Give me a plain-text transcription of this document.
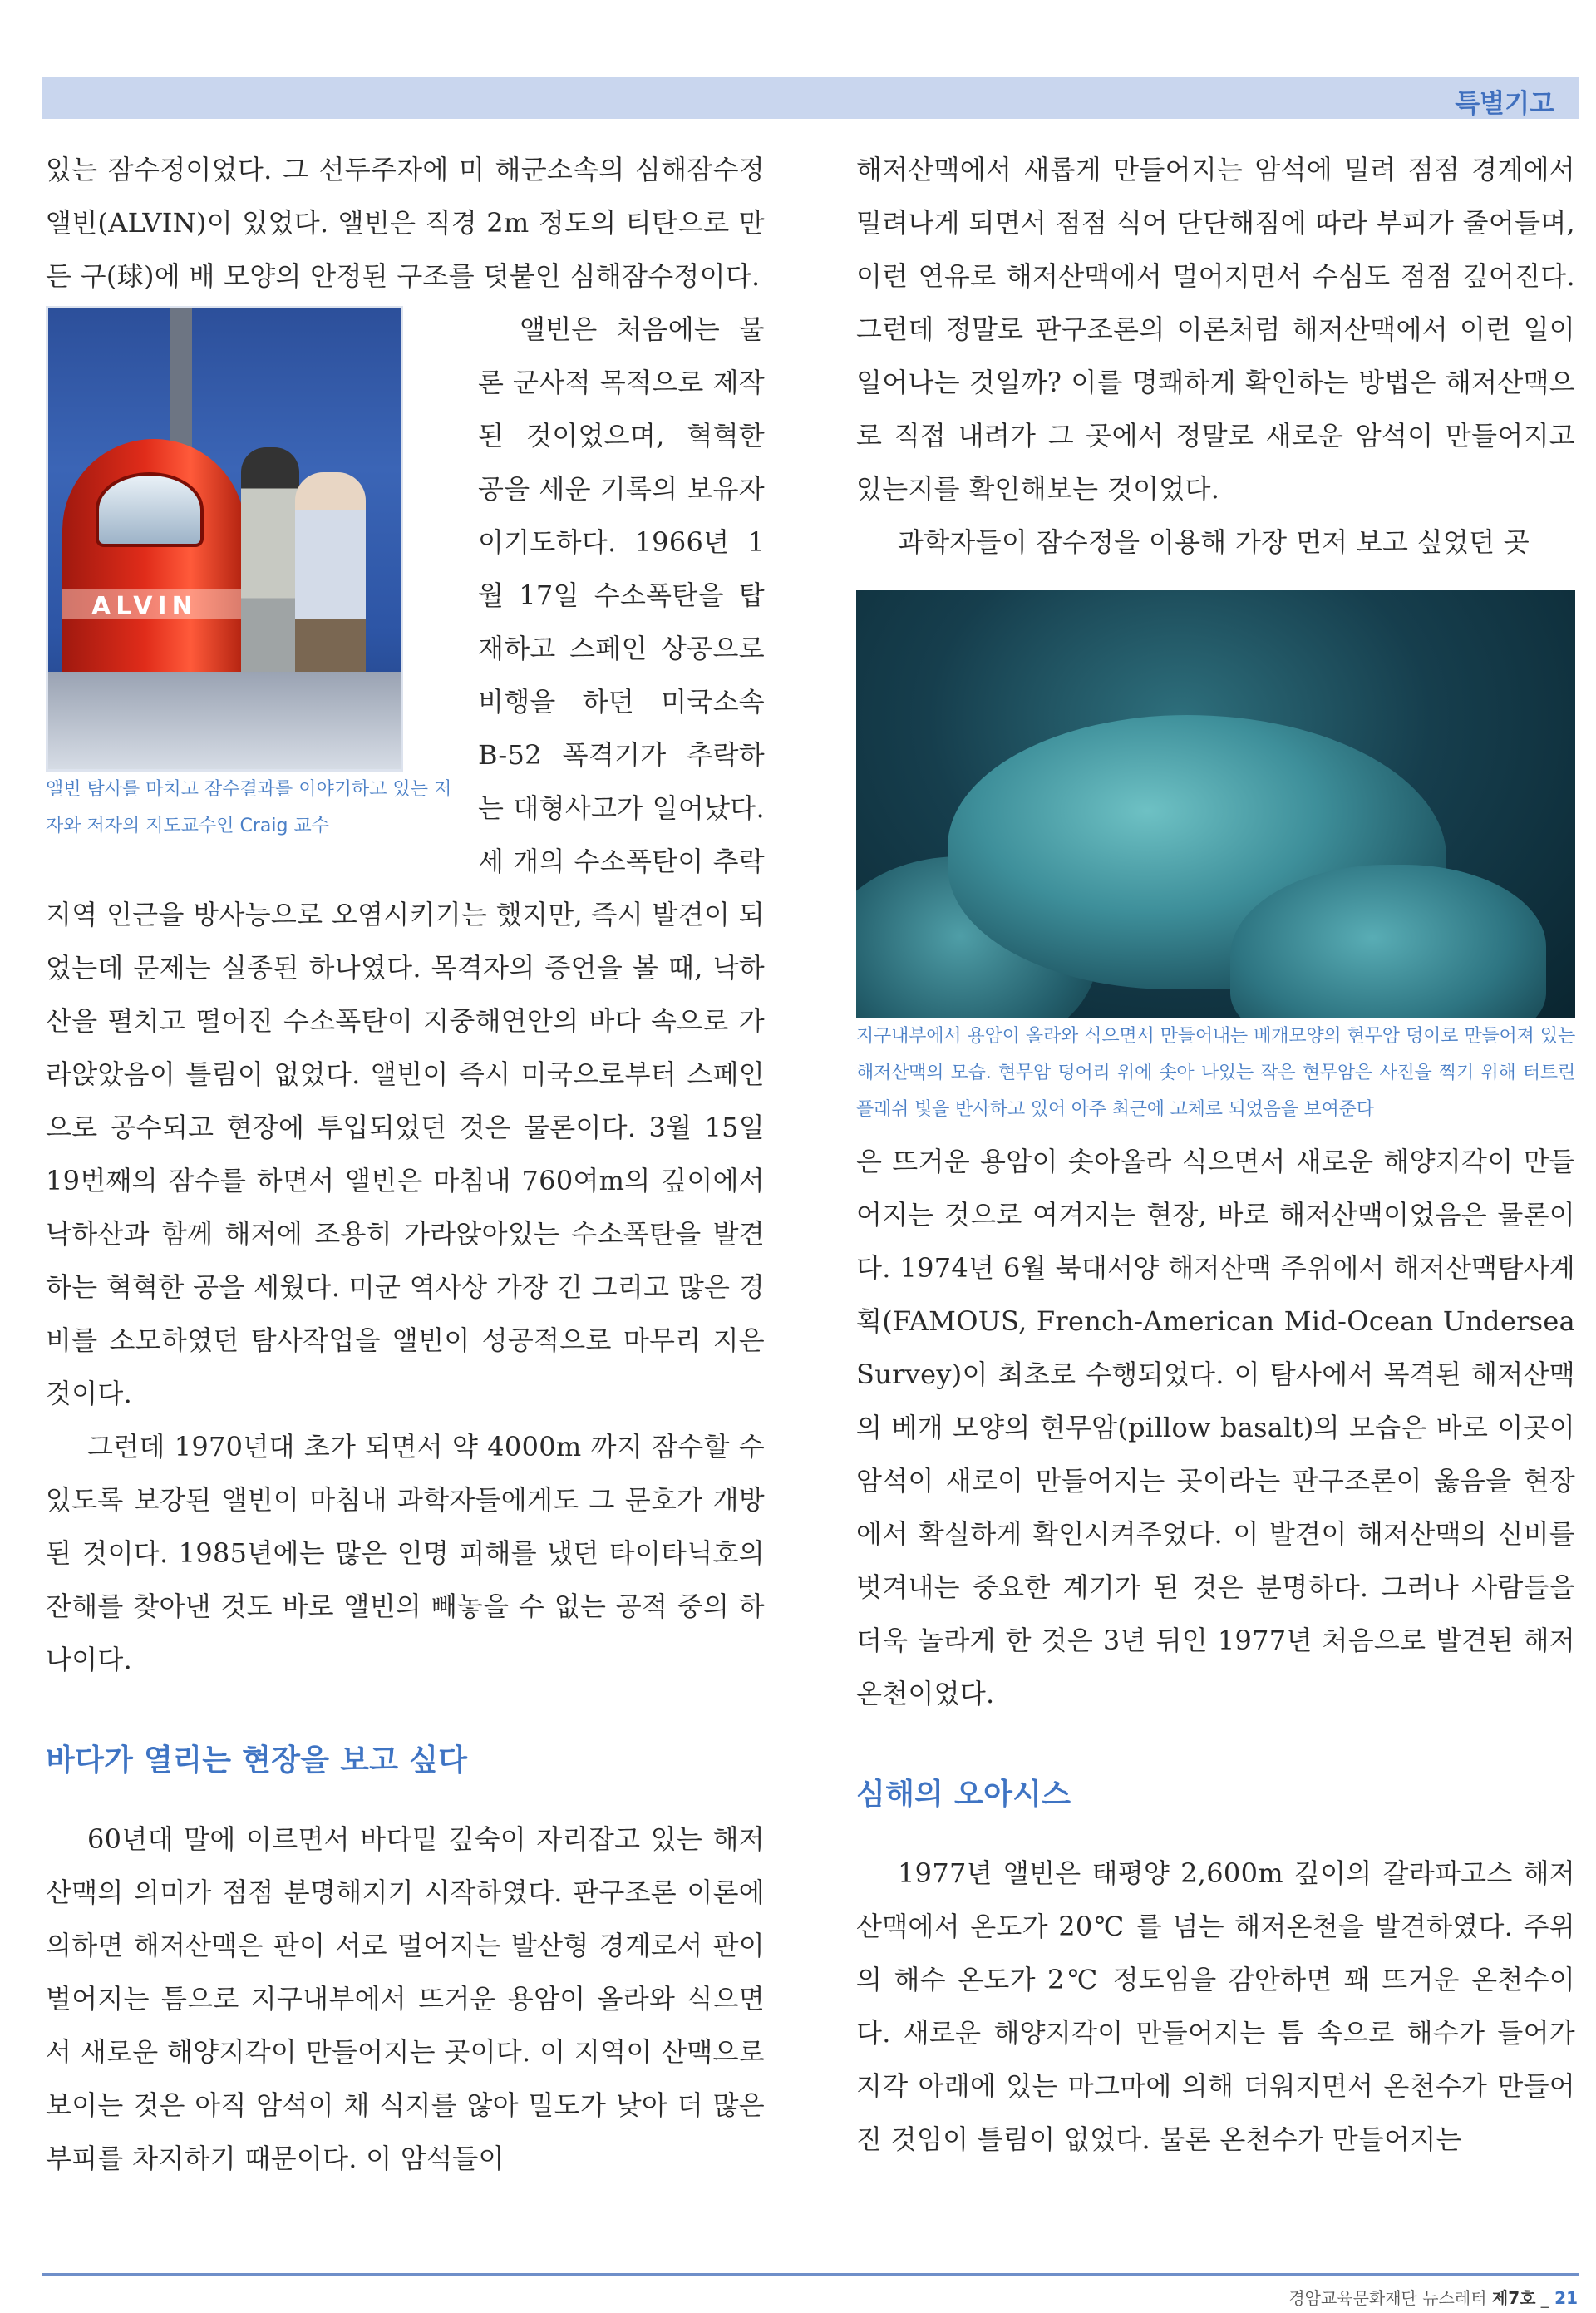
특별기고

있는 잠수정이었다. 그 선두주자에 미 해군소속의 심해잠수정 앨빈(ALVIN)이 있었다. 앨빈은 직경 2m 정도의 티탄으로 만든 구(球)에 배 모양의 안정된 구조를 덧붙인 심해잠수정이다.

ALVIN

앨빈 탐사를 마치고 잠수결과를 이야기하고 있는 저자와 저자의 지도교수인 Craig 교수

앨빈은 처음에는 물론 군사적 목적으로 제작된 것이었으며, 혁혁한 공을 세운 기록의 보유자이기도하다. 1966년 1월 17일 수소폭탄을 탑재하고 스페인 상공으로 비행을 하던 미국소속 B-52 폭격기가 추락하는 대형사고가 일어났다. 세 개의 수소폭탄이 추락지역 인근을 방사능으로 오염시키기는 했지만, 즉시 발견이 되었는데 문제는 실종된 하나였다. 목격자의 증언을 볼 때, 낙하산을 펼치고 떨어진 수소폭탄이 지중해연안의 바다 속으로 가라앉았음이 틀림이 없었다. 앨빈이 즉시 미국으로부터 스페인으로 공수되고 현장에 투입되었던 것은 물론이다. 3월 15일 19번째의 잠수를 하면서 앨빈은 마침내 760여m의 깊이에서 낙하산과 함께 해저에 조용히 가라앉아있는 수소폭탄을 발견하는 혁혁한 공을 세웠다. 미군 역사상 가장 긴 그리고 많은 경비를 소모하였던 탐사작업을 앨빈이 성공적으로 마무리 지은 것이다.

그런데 1970년대 초가 되면서 약 4000m 까지 잠수할 수 있도록 보강된 앨빈이 마침내 과학자들에게도 그 문호가 개방된 것이다. 1985년에는 많은 인명 피해를 냈던 타이타닉호의 잔해를 찾아낸 것도 바로 앨빈의 빼놓을 수 없는 공적 중의 하나이다.

바다가 열리는 현장을 보고 싶다

60년대 말에 이르면서 바다밑 깊숙이 자리잡고 있는 해저산맥의 의미가 점점 분명해지기 시작하였다. 판구조론 이론에 의하면 해저산맥은 판이 서로 멀어지는 발산형 경계로서 판이 벌어지는 틈으로 지구내부에서 뜨거운 용암이 올라와 식으면서 새로운 해양지각이 만들어지는 곳이다. 이 지역이 산맥으로 보이는 것은 아직 암석이 채 식지를 않아 밀도가 낮아 더 많은 부피를 차지하기 때문이다. 이 암석들이

해저산맥에서 새롭게 만들어지는 암석에 밀려 점점 경계에서 밀려나게 되면서 점점 식어 단단해짐에 따라 부피가 줄어들며, 이런 연유로 해저산맥에서 멀어지면서 수심도 점점 깊어진다. 그런데 정말로 판구조론의 이론처럼 해저산맥에서 이런 일이 일어나는 것일까? 이를 명쾌하게 확인하는 방법은 해저산맥으로 직접 내려가 그 곳에서 정말로 새로운 암석이 만들어지고 있는지를 확인해보는 것이었다.

과학자들이 잠수정을 이용해 가장 먼저 보고 싶었던 곳

지구내부에서 용암이 올라와 식으면서 만들어내는 베개모양의 현무암 덩이로 만들어져 있는 해저산맥의 모습. 현무암 덩어리 위에 솟아 나있는 작은 현무암은 사진을 찍기 위해 터트린 플래쉬 빛을 반사하고 있어 아주 최근에 고체로 되었음을 보여준다

은 뜨거운 용암이 솟아올라 식으면서 새로운 해양지각이 만들어지는 것으로 여겨지는 현장, 바로 해저산맥이었음은 물론이다. 1974년 6월 북대서양 해저산맥 주위에서 해저산맥탐사계획(FAMOUS, French-American Mid-Ocean Undersea Survey)이 최초로 수행되었다. 이 탐사에서 목격된 해저산맥의 베개 모양의 현무암(pillow basalt)의 모습은 바로 이곳이 암석이 새로이 만들어지는 곳이라는 판구조론이 옳음을 현장에서 확실하게 확인시켜주었다. 이 발견이 해저산맥의 신비를 벗겨내는 중요한 계기가 된 것은 분명하다. 그러나 사람들을 더욱 놀라게 한 것은 3년 뒤인 1977년 처음으로 발견된 해저온천이었다.

심해의 오아시스

1977년 앨빈은 태평양 2,600m 깊이의 갈라파고스 해저산맥에서 온도가 20℃ 를 넘는 해저온천을 발견하였다. 주위의 해수 온도가 2℃ 정도임을 감안하면 꽤 뜨거운 온천수이다. 새로운 해양지각이 만들어지는 틈 속으로 해수가 들어가 지각 아래에 있는 마그마에 의해 더워지면서 온천수가 만들어진 것임이 틀림이 없었다. 물론 온천수가 만들어지는

경암교육문화재단 뉴스레터 제7호 _ 21
